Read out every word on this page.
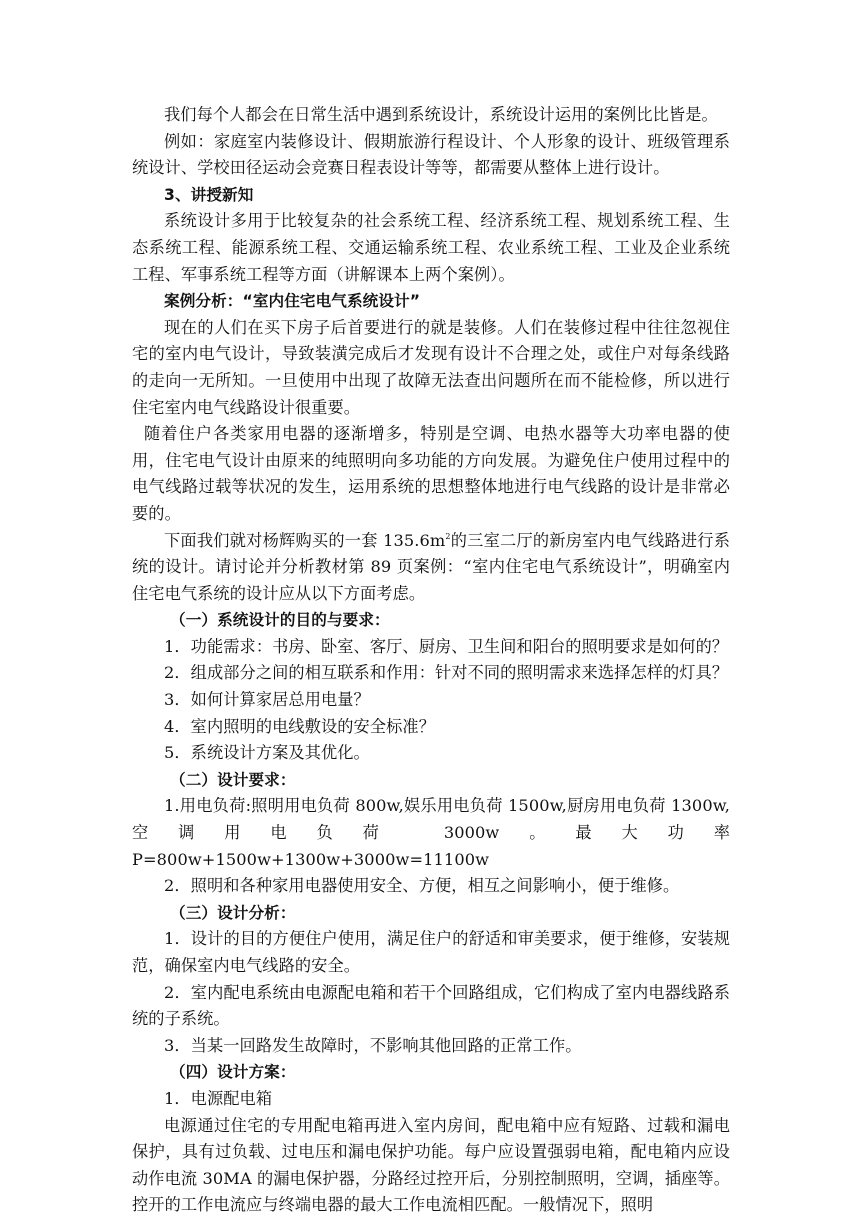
我们每个人都会在日常生活中遇到系统设计，系统设计运用的案例比比皆是。

例如：家庭室内装修设计、假期旅游行程设计、个人形象的设计、班级管理系统设计、学校田径运动会竞赛日程表设计等等，都需要从整体上进行设计。

3、讲授新知

系统设计多用于比较复杂的社会系统工程、经济系统工程、规划系统工程、生态系统工程、能源系统工程、交通运输系统工程、农业系统工程、工业及企业系统工程、军事系统工程等方面（讲解课本上两个案例）。

案例分析：“室内住宅电气系统设计”

现在的人们在买下房子后首要进行的就是装修。人们在装修过程中往往忽视住宅的室内电气设计，导致装潢完成后才发现有设计不合理之处，或住户对每条线路的走向一无所知。一旦使用中出现了故障无法查出问题所在而不能检修，所以进行住宅室内电气线路设计很重要。

随着住户各类家用电器的逐渐增多，特别是空调、电热水器等大功率电器的使用，住宅电气设计由原来的纯照明向多功能的方向发展。为避免住户使用过程中的电气线路过载等状况的发生，运用系统的思想整体地进行电气线路的设计是非常必要的。

下面我们就对杨辉购买的一套 $135.6m^2$的三室二厅的新房室内电气线路进行系统的设计。请讨论并分析教材第 89 页案例：“室内住宅电气系统设计”，明确室内住宅电气系统的设计应从以下方面考虑。

（一）系统设计的目的与要求：

1．功能需求：书房、卧室、客厅、厨房、卫生间和阳台的照明要求是如何的？

2．组成部分之间的相互联系和作用：针对不同的照明需求来选择怎样的灯具？

3．如何计算家居总用电量？

4．室内照明的电线敷设的安全标准？

5．系统设计方案及其优化。

（二）设计要求：

1.用电负荷:照明用电负荷 800w,娱乐用电负荷 1500w,厨房用电负荷 1300w,空调用电负荷 3000w。最大功率 P=800w+1500w+1300w+3000w=11100w

2．照明和各种家用电器使用安全、方便，相互之间影响小，便于维修。

（三）设计分析：

1．设计的目的方便住户使用，满足住户的舒适和审美要求，便于维修，安装规范，确保室内电气线路的安全。

2．室内配电系统由电源配电箱和若干个回路组成，它们构成了室内电器线路系统的子系统。

3．当某一回路发生故障时，不影响其他回路的正常工作。

（四）设计方案：

1．电源配电箱

电源通过住宅的专用配电箱再进入室内房间，配电箱中应有短路、过载和漏电保护，具有过负载、过电压和漏电保护功能。每户应设置强弱电箱，配电箱内应设动作电流 30MA 的漏电保护器，分路经过控开后，分别控制照明，空调，插座等。控开的工作电流应与终端电器的最大工作电流相匹配。一般情况下，照明
